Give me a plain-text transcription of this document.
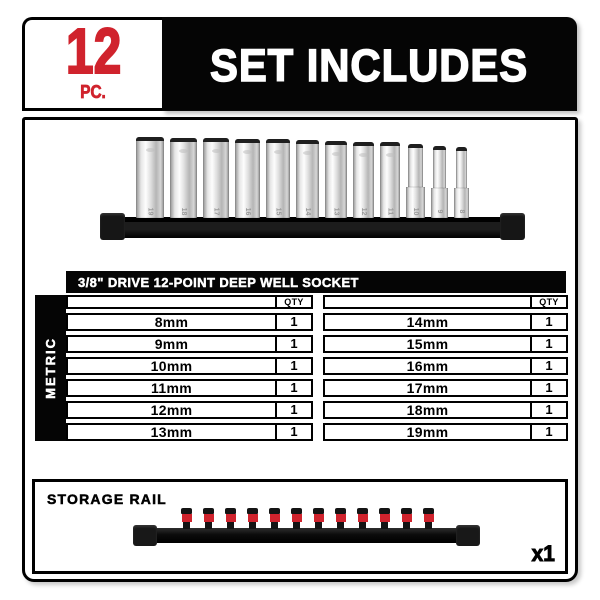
12
PC.
SET INCLUDES
19	18	17	16	15	14	13	12	11	10 9 8
3/8" DRIVE 12-POINT DEEP WELL SOCKET
METRIC
QTY
8mm	1
9mm	1
10mm	1
11mm	1
12mm	1
13mm	1
QTY
14mm	1
15mm	1
16mm	1
17mm	1
18mm	1
19mm	1
STORAGE RAIL
x1
